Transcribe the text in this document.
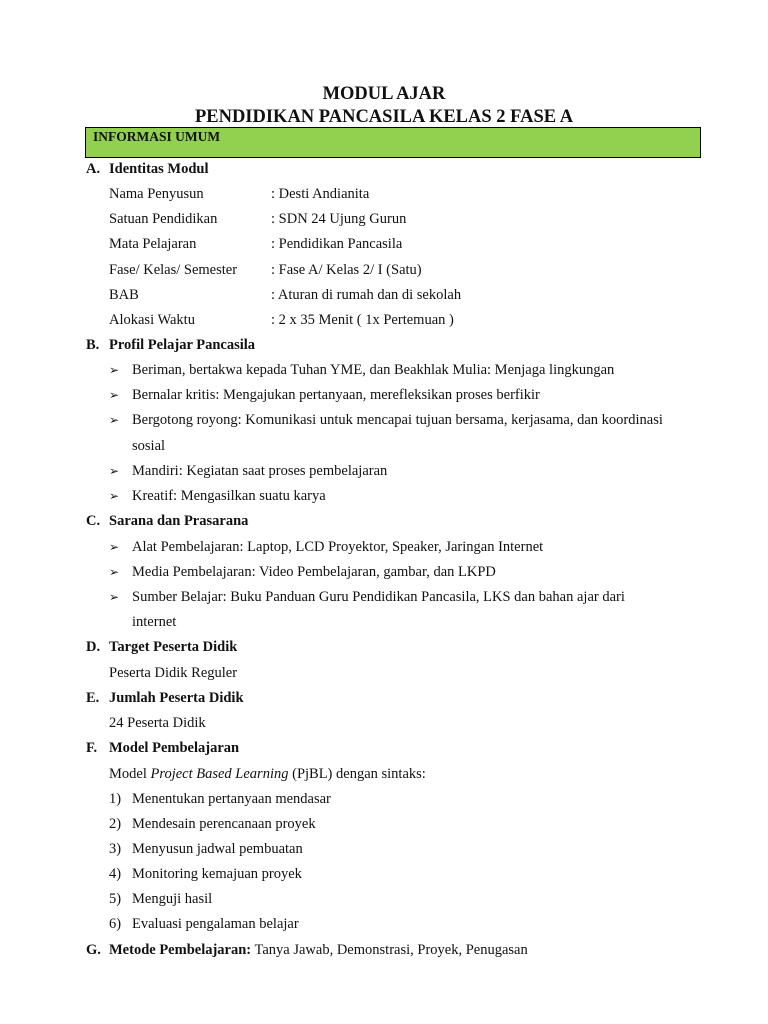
MODUL AJAR
PENDIDIKAN PANCASILA KELAS 2 FASE A
INFORMASI UMUM
A. Identitas Modul
Nama Penyusun	: Desti Andianita
Satuan Pendidikan	: SDN 24 Ujung Gurun
Mata Pelajaran	: Pendidikan Pancasila
Fase/ Kelas/ Semester : Fase A/ Kelas 2/ I (Satu)
BAB	: Aturan di rumah dan di sekolah
Alokasi Waktu	: 2 x 35 Menit ( 1x Pertemuan )
B. Profil Pelajar Pancasila
➢ Beriman, bertakwa kepada Tuhan YME, dan Beakhlak Mulia: Menjaga lingkungan
➢ Bernalar kritis: Mengajukan pertanyaan, merefleksikan proses berfikir
➢ Bergotong royong: Komunikasi untuk mencapai tujuan bersama, kerjasama, dan koordinasi
sosial
➢ Mandiri: Kegiatan saat proses pembelajaran
➢ Kreatif: Mengasilkan suatu karya
C. Sarana dan Prasarana
➢ Alat Pembelajaran: Laptop, LCD Proyektor, Speaker, Jaringan Internet
➢ Media Pembelajaran: Video Pembelajaran, gambar, dan LKPD
➢ Sumber Belajar: Buku Panduan Guru Pendidikan Pancasila, LKS dan bahan ajar dari
internet
D. Target Peserta Didik
Peserta Didik Reguler
E. Jumlah Peserta Didik
24 Peserta Didik
F. Model Pembelajaran
Model Project Based Learning (PjBL) dengan sintaks:
1) Menentukan pertanyaan mendasar
2) Mendesain perencanaan proyek
3) Menyusun jadwal pembuatan
4) Monitoring kemajuan proyek
5) Menguji hasil
6) Evaluasi pengalaman belajar
G. Metode Pembelajaran: Tanya Jawab, Demonstrasi, Proyek, Penugasan
